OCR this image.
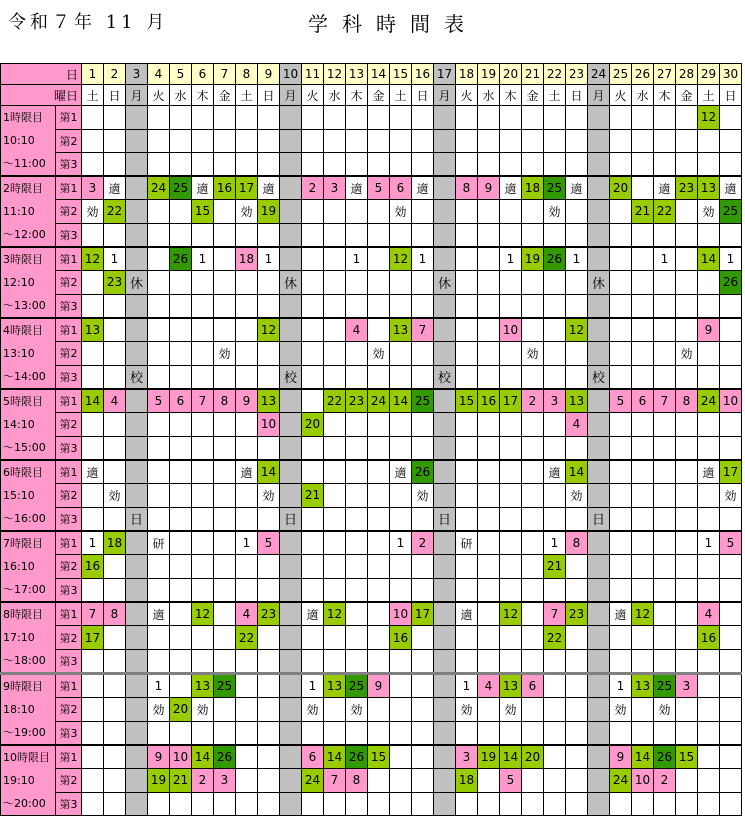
令和７年 11 月	学科時間表
日		1	2	3	4	5	6	7	8	9	10	11	12	13	14	15	16	17	18	19	20	21	22	23	24	25	26	27	28	29	30
曜日		土	日	月	火	水	木	金	土	日	月	火	水	木	金	土	日	月	火	水	木	金	土	日	月	火	水	木	金	土	日

1時限目
10:10
～11:00	第1																													12	
	第2																														
	第3																														

2時限目
11:10
～12:00	第1	3	適		24	25	適	16	17	適		2	3	適	5	6	適		8	9	適	18	25	適		20		適	23	13	適
	第2	効	22				15		効	19						効							効				21	22		効	25
	第3																														

3時限目
12:10
～13:00	第1	12	1			26	1		18	1				1		12	1				1	19	26	1				1		14	1
	第2		23	休							休							休							休						26
	第3																														

4時限目
13:10
～14:00	第1	13								12				4		13	7				10			12						9	
	第2							効							効							効							効		
	第3			校							校							校							校						

5時限目
14:10
～15:00	第1	14	4		5	6	7	8	9	13			22	23	24	14	25		15	16	17	2	3	13		5	6	7	8	24	10
	第2									10		20												4							
	第3																														

6時限目
15:10
～16:00	第1	適							適	14						適	26						適	14						適	17
	第2		効							効		21					効							効							効
	第3			日							日							日							日						

7時限目
16:10
～17:00	第1	1	18		研				1	5						1	2		研				1	8						1	5
	第2	16																					21								
	第3																														

8時限目
17:10
～18:00	第1	7	8		適		12		4	23		適	12			10	17		適		12		7	23		適	12			4	
	第2	17							22							16							22							16	
	第3																														

9時限目
18:10
～19:00	第1				1		13	25				1	13	25	9				1	4	13	6				1	13	25	3		
	第2				効	20	効					効		効					効		効					効		効			
	第3																														

10時限目
19:10
～20:00	第1				9	10	14	26				6	14	26	15				3	19	14	20				9	14	26	15		
	第2				19	21	2	3				24	7	8					18		5					24	10	2			
	第3																														
